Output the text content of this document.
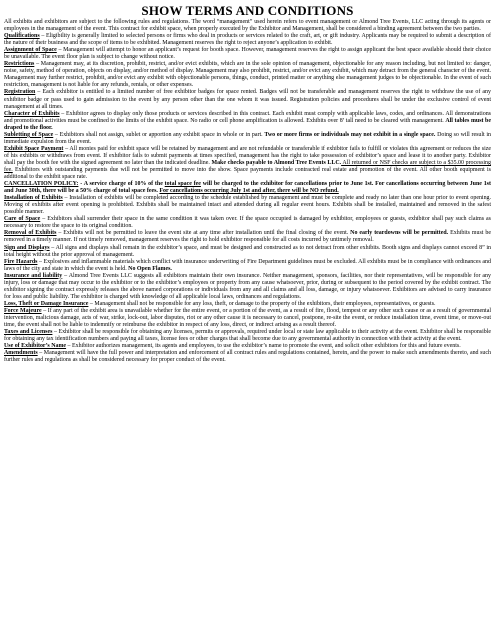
SHOW TERMS AND CONDITIONS

All exhibits and exhibitors are subject to the following rules and regulations. The word “management” used herein refers to event management or Almond Tree Events, LLC acting through its agents or employees in the management of the event. This contract for exhibit space, when properly executed by the Exhibitor and Management, shall be considered a binding agreement between the two parties.

Qualifications – Eligibility is generally limited to selected persons or firms who deal in products or services related to the craft, art, or gift industry. Applicants may be required to submit a description of the nature of their business and the scope of items to be exhibited. Management reserves the right to reject anyone’s application to exhibit.

Assignment of Space – Management will attempt to honor an applicant’s request for booth space. However, management reserves the right to assign applicant the best space available should their choice be unavailable. The event floor plan is subject to change without notice.

Restrictions – Management may, at its discretion, prohibit, restrict, and/or evict exhibits, which are in the sole opinion of management, objectionable for any reason including, but not limited to: danger, noise, safety, method of operation, objects on display, and/or method of display. Management may also prohibit, restrict, and/or evict any exhibit, which may detract from the general character of the event. Management may further restrict, prohibit, and/or evict any exhibit with objectionable persons, things, conduct, printed matter or anything else management judges to be objectionable. In the event of such restriction, management is not liable for any refunds, rentals, or other expenses.

Registration – Each exhibitor is entitled to a limited number of free exhibitor badges for space rented. Badges will not be transferable and management reserves the right to withdraw the use of any exhibitor badge or pass used to gain admission to the event by any person other than the one whom it was issued. Registration policies and procedures shall be under the exclusive control of event management at all times.

Character of Exhibits – Exhibitor agrees to display only those products or services described in this contract. Each exhibit must comply with applicable laws, codes, and ordinances. All demonstrations and promotional activities must be confined to the limits of the exhibit space. No radio or cell phone amplification is allowed. Exhibits over 8’ tall need to be cleared with management. All tables must be draped to the floor.

Subletting of Space – Exhibitors shall not assign, sublet or apportion any exhibit space in whole or in part. Two or more firms or individuals may not exhibit in a single space. Doing so will result in immediate expulsion from the event.

Exhibit Space Payment – All monies paid for exhibit space will be retained by management and are not refundable or transferable if exhibitor fails to fulfill or violates this agreement or reduces the size of his exhibits or withdraws from event. If exhibitor fails to submit payments at times specified, management has the right to take possession of exhibitor’s space and lease it to another party. Exhibitor shall pay the booth fee with the signed agreement no later than the indicated deadline. Make checks payable to Almond Tree Events LLC. All returned or NSF checks are subject to a $35.00 processing fee. Exhibitors with outstanding payments due will not be permitted to move into the show. Space payments include contracted real estate and promotion of the event. All other booth equipment is additional to the exhibit space rate.

CANCELLATION POLICY: - A service charge of 10% of the total space fee will be charged to the exhibitor for cancellations prior to June 1st. For cancellations occurring between June 1st and June 30th, there will be a 50% charge of total space fees. For cancellations occurring July 1st and after, there will be NO refund.

Installation of Exhibits – Installation of exhibits will be completed according to the schedule established by management and must be complete and ready no later than one hour prior to event opening. Moving of exhibits after event opening is prohibited. Exhibits shall be maintained intact and attended during all regular event hours. Exhibits shall be installed, maintained and removed in the safest possible manner.

Care of Space – Exhibitors shall surrender their space in the same condition it was taken over. If the space occupied is damaged by exhibitor, employees or guests, exhibitor shall pay such claims as necessary to restore the space to its original condition.

Removal of Exhibits – Exhibits will not be permitted to leave the event site at any time after installation until the final closing of the event. No early teardowns will be permitted. Exhibits must be removed in a timely manner. If not timely removed, management reserves the right to hold exhibitor responsible for all costs incurred by untimely removal.

Sign and Displays – All signs and displays shall remain in the exhibitor’s space, and must be designed and constructed as to not detract from other exhibits. Booth signs and displays cannot exceed 8” in total height without the prior approval of management.

Fire Hazards – Explosives and inflammable materials which conflict with insurance underwriting of Fire Department guidelines must be excluded. All exhibits must be in compliance with ordinances and laws of the city and state in which the event is held. No Open Flames.

Insurance and liability – Almond Tree Events LLC suggests all exhibitors maintain their own insurance. Neither management, sponsors, facilities, nor their representatives, will be responsible for any injury, loss or damage that may occur to the exhibitor or to the exhibitor’s employees or property from any cause whatsoever, prior, during or subsequent to the period covered by the exhibit contract. The exhibitor signing the contract expressly releases the above named corporations or individuals from any and all claims and all loss, damage, or injury whatsoever. Exhibitors are advised to carry insurance for loss and public liability. The exhibitor is charged with knowledge of all applicable local laws, ordinances and regulations.

Loss, Theft or Damage Insurance – Management shall not be responsible for any loss, theft, or damage to the property of the exhibitors, their employees, representatives, or guests.

Force Majeure – If any part of the exhibit area is unavailable whether for the entire event, or a portion of the event, as a result of fire, flood, tempest or any other such cause or as a result of governmental intervention, malicious damage, acts of war, strike, lock-out, labor disputes, riot or any other cause it is necessary to cancel, postpone, re-site the event, or reduce installation time, event time, or move-out time, the event shall not be liable to indemnify or reimburse the exhibitor in respect of any loss, direct, or indirect arising as a result thereof.

Taxes and Licenses – Exhibitor shall be responsible for obtaining any licenses, permits or approvals, required under local or state law applicable to their activity at the event. Exhibitor shall be responsible for obtaining any tax identification numbers and paying all taxes, license fees or other charges that shall become due to any governmental authority in connection with their activity at the event.

Use of Exhibitor’s Name – Exhibitor authorizes management, its agents and employees, to use the exhibitor’s name to promote the event, and solicit other exhibitors for this and future events.

Amendments – Management will have the full power and interpretation and enforcement of all contract rules and regulations contained, herein, and the power to make such amendments thereto, and such further rules and regulations as shall be considered necessary for proper conduct of the event.
